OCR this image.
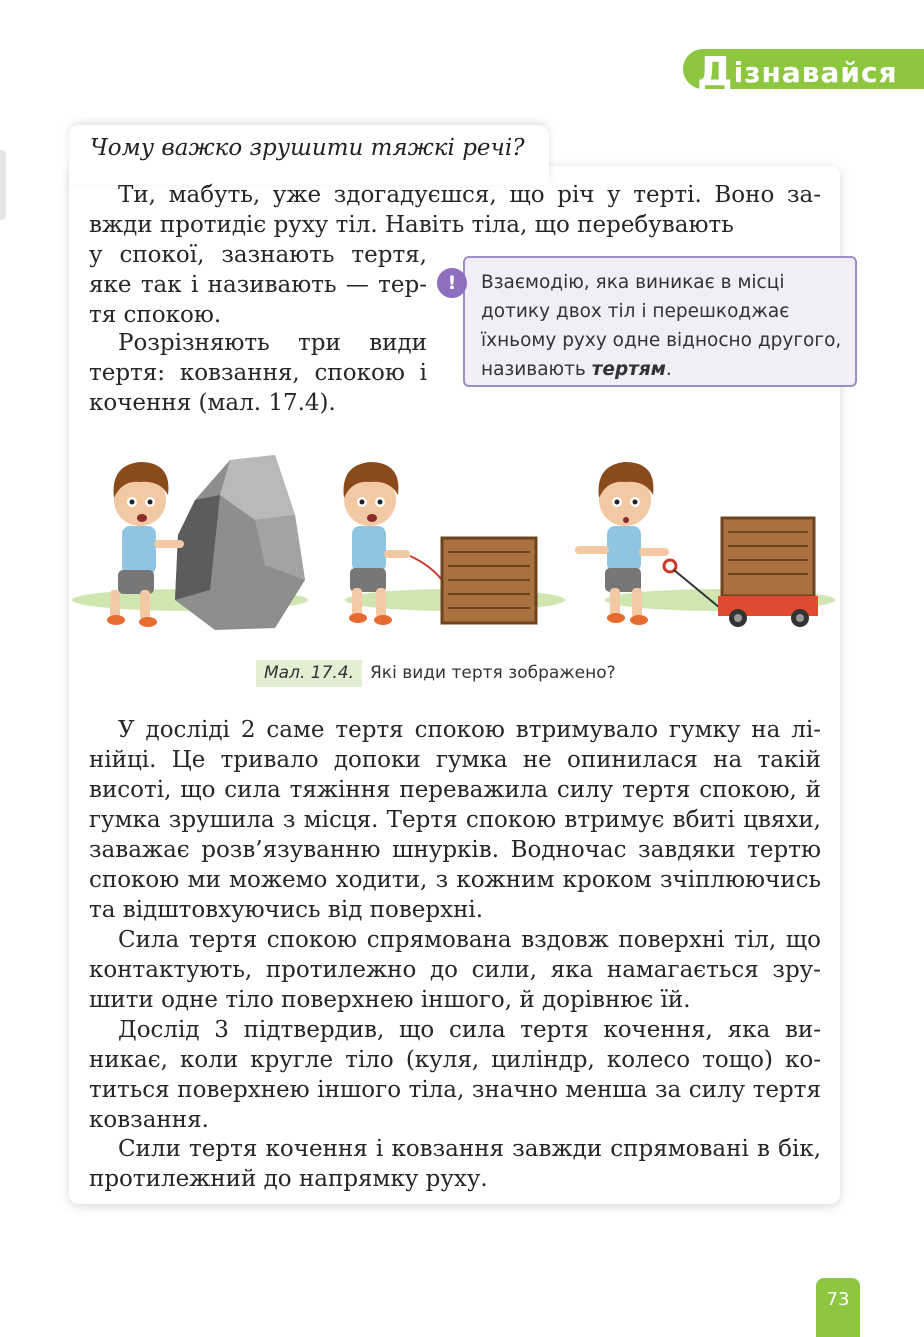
Дізнавайся

Чому важко зрушити тяжкі речі?

Ти, мабуть, уже здогадуєшся, що річ у терті. Воно завжди протидіє руху тіл. Навіть тіла, що перебувають

у спокої, зазнають тертя, яке так і називають — тертя спокою.

Розрізняють три види тертя: ковзання, спокою і кочення (мал. 17.4).

!	Взаємодію, яка виникає в місці дотику двох тіл і перешкоджає їхньому руху одне відносно другого, називають тертям.

Мал. 17.4. Які види тертя зображено?

У досліді 2 саме тертя спокою втримувало гумку на лінійці. Це тривало допоки гумка не опинилася на такій висоті, що сила тяжіння переважила силу тертя спокою, й гумка зрушила з місця. Тертя спокою втримує вбиті цвяхи, заважає розв’язуванню шнурків. Водночас завдяки тертю спокою ми можемо ходити, з кожним кроком зчіплюючись та відштовхуючись від поверхні.

Сила тертя спокою спрямована вздовж поверхні тіл, що контактують, протилежно до сили, яка намагається зрушити одне тіло поверхнею іншого, й дорівнює їй.

Дослід 3 підтвердив, що сила тертя кочення, яка виникає, коли кругле тіло (куля, циліндр, колесо тощо) котиться поверхнею іншого тіла, значно менша за силу тертя ковзання.

Сили тертя кочення і ковзання завжди спрямовані в бік, протилежний до напрямку руху.

73
